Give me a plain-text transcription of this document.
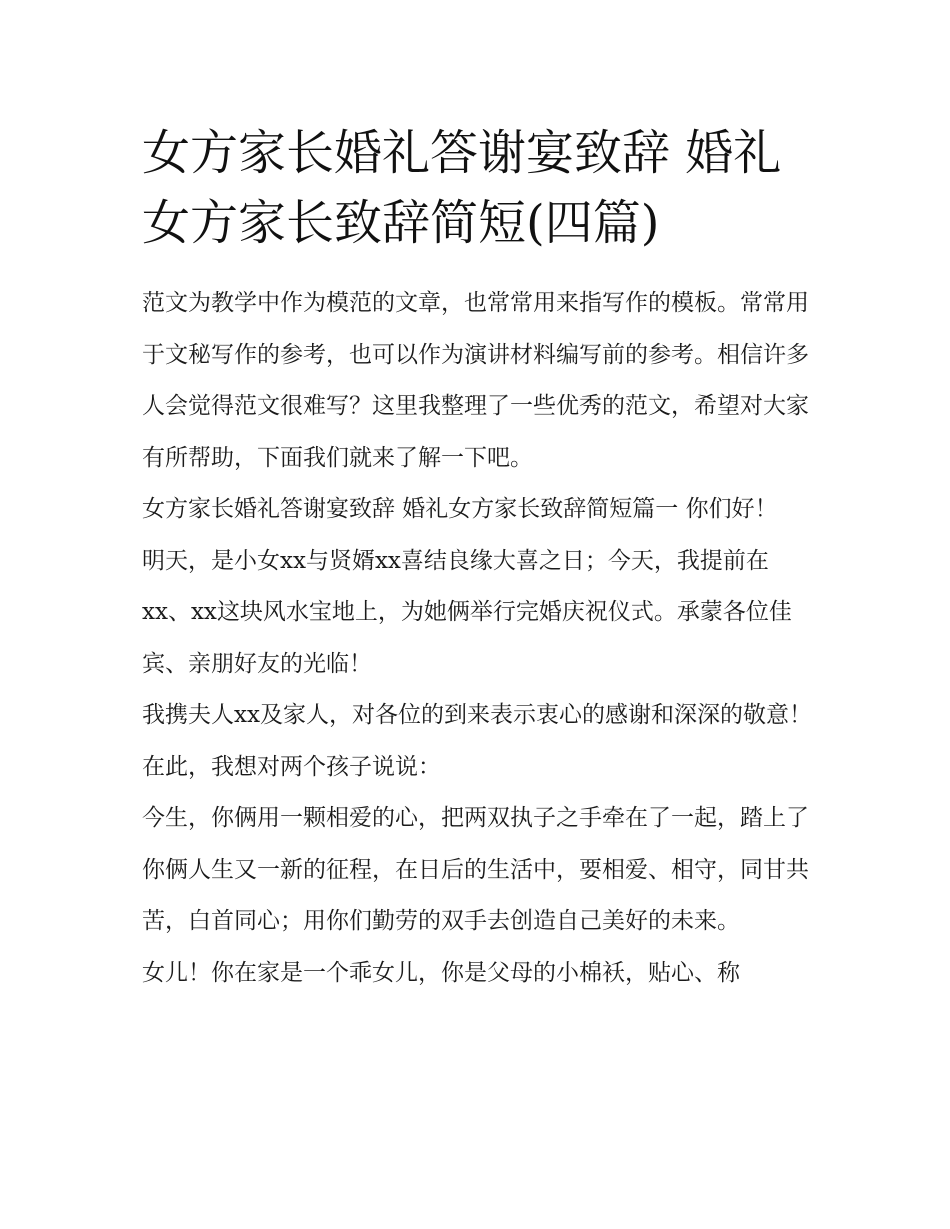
女方家长婚礼答谢宴致辞 婚礼女方家长致辞简短(四篇)

范文为教学中作为模范的文章，也常常用来指写作的模板。常常用于文秘写作的参考，也可以作为演讲材料编写前的参考。相信许多人会觉得范文很难写？这里我整理了一些优秀的范文，希望对大家有所帮助，下面我们就来了解一下吧。

女方家长婚礼答谢宴致辞 婚礼女方家长致辞简短篇一 你们好！

明天，是小女xx与贤婿xx喜结良缘大喜之日；今天，我提前在xx、xx这块风水宝地上，为她俩举行完婚庆祝仪式。承蒙各位佳宾、亲朋好友的光临！

我携夫人xx及家人，对各位的到来表示衷心的感谢和深深的敬意！在此，我想对两个孩子说说：

今生，你俩用一颗相爱的心，把两双执子之手牵在了一起，踏上了你俩人生又一新的征程，在日后的生活中，要相爱、相守，同甘共苦，白首同心；用你们勤劳的双手去创造自己美好的未来。

女儿！你在家是一个乖女儿，你是父母的小棉袄，贴心、称
